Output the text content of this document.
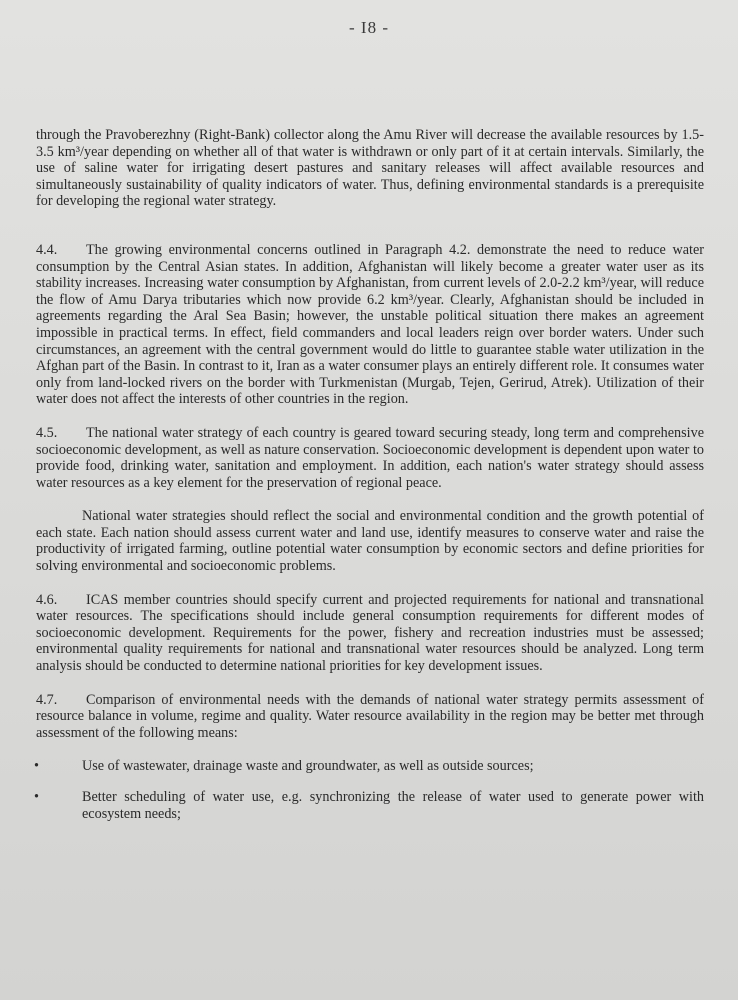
- I8 -

through the Pravoberezhny (Right-Bank) collector along the Amu River will decrease the available resources by 1.5-3.5 km³/year depending on whether all of that water is withdrawn or only part of it at certain intervals. Similarly, the use of saline water for irrigating desert pastures and sanitary releases will affect available resources and simultaneously sustainability of quality indicators of water. Thus, defining environmental standards is a prerequisite for developing the regional water strategy.

4.4. The growing environmental concerns outlined in Paragraph 4.2. demonstrate the need to reduce water consumption by the Central Asian states. In addition, Afghanistan will likely become a greater water user as its stability increases. Increasing water consumption by Afghanistan, from current levels of 2.0-2.2 km³/year, will reduce the flow of Amu Darya tributaries which now provide 6.2 km³/year. Clearly, Afghanistan should be included in agreements regarding the Aral Sea Basin; however, the unstable political situation there makes an agreement impossible in practical terms. In effect, field commanders and local leaders reign over border waters. Under such circumstances, an agreement with the central government would do little to guarantee stable water utilization in the Afghan part of the Basin. In contrast to it, Iran as a water consumer plays an entirely different role. It consumes water only from land-locked rivers on the border with Turkmenistan (Murgab, Tejen, Gerirud, Atrek). Utilization of their water does not affect the interests of other countries in the region.

4.5. The national water strategy of each country is geared toward securing steady, long term and comprehensive socioeconomic development, as well as nature conservation. Socioeconomic development is dependent upon water to provide food, drinking water, sanitation and employment. In addition, each nation's water strategy should assess water resources as a key element for the preservation of regional peace.

National water strategies should reflect the social and environmental condition and the growth potential of each state. Each nation should assess current water and land use, identify measures to conserve water and raise the productivity of irrigated farming, outline potential water consumption by economic sectors and define priorities for solving environmental and socioeconomic problems.

4.6. ICAS member countries should specify current and projected requirements for national and transnational water resources. The specifications should include general consumption requirements for different modes of socioeconomic development. Requirements for the power, fishery and recreation industries must be assessed; environmental quality requirements for national and transnational water resources should be analyzed. Long term analysis should be conducted to determine national priorities for key development issues.

4.7. Comparison of environmental needs with the demands of national water strategy permits assessment of resource balance in volume, regime and quality. Water resource availability in the region may be better met through assessment of the following means:

•	Use of wastewater, drainage waste and groundwater, as well as outside sources;
•	Better scheduling of water use, e.g. synchronizing the release of water used to generate power with ecosystem needs;
